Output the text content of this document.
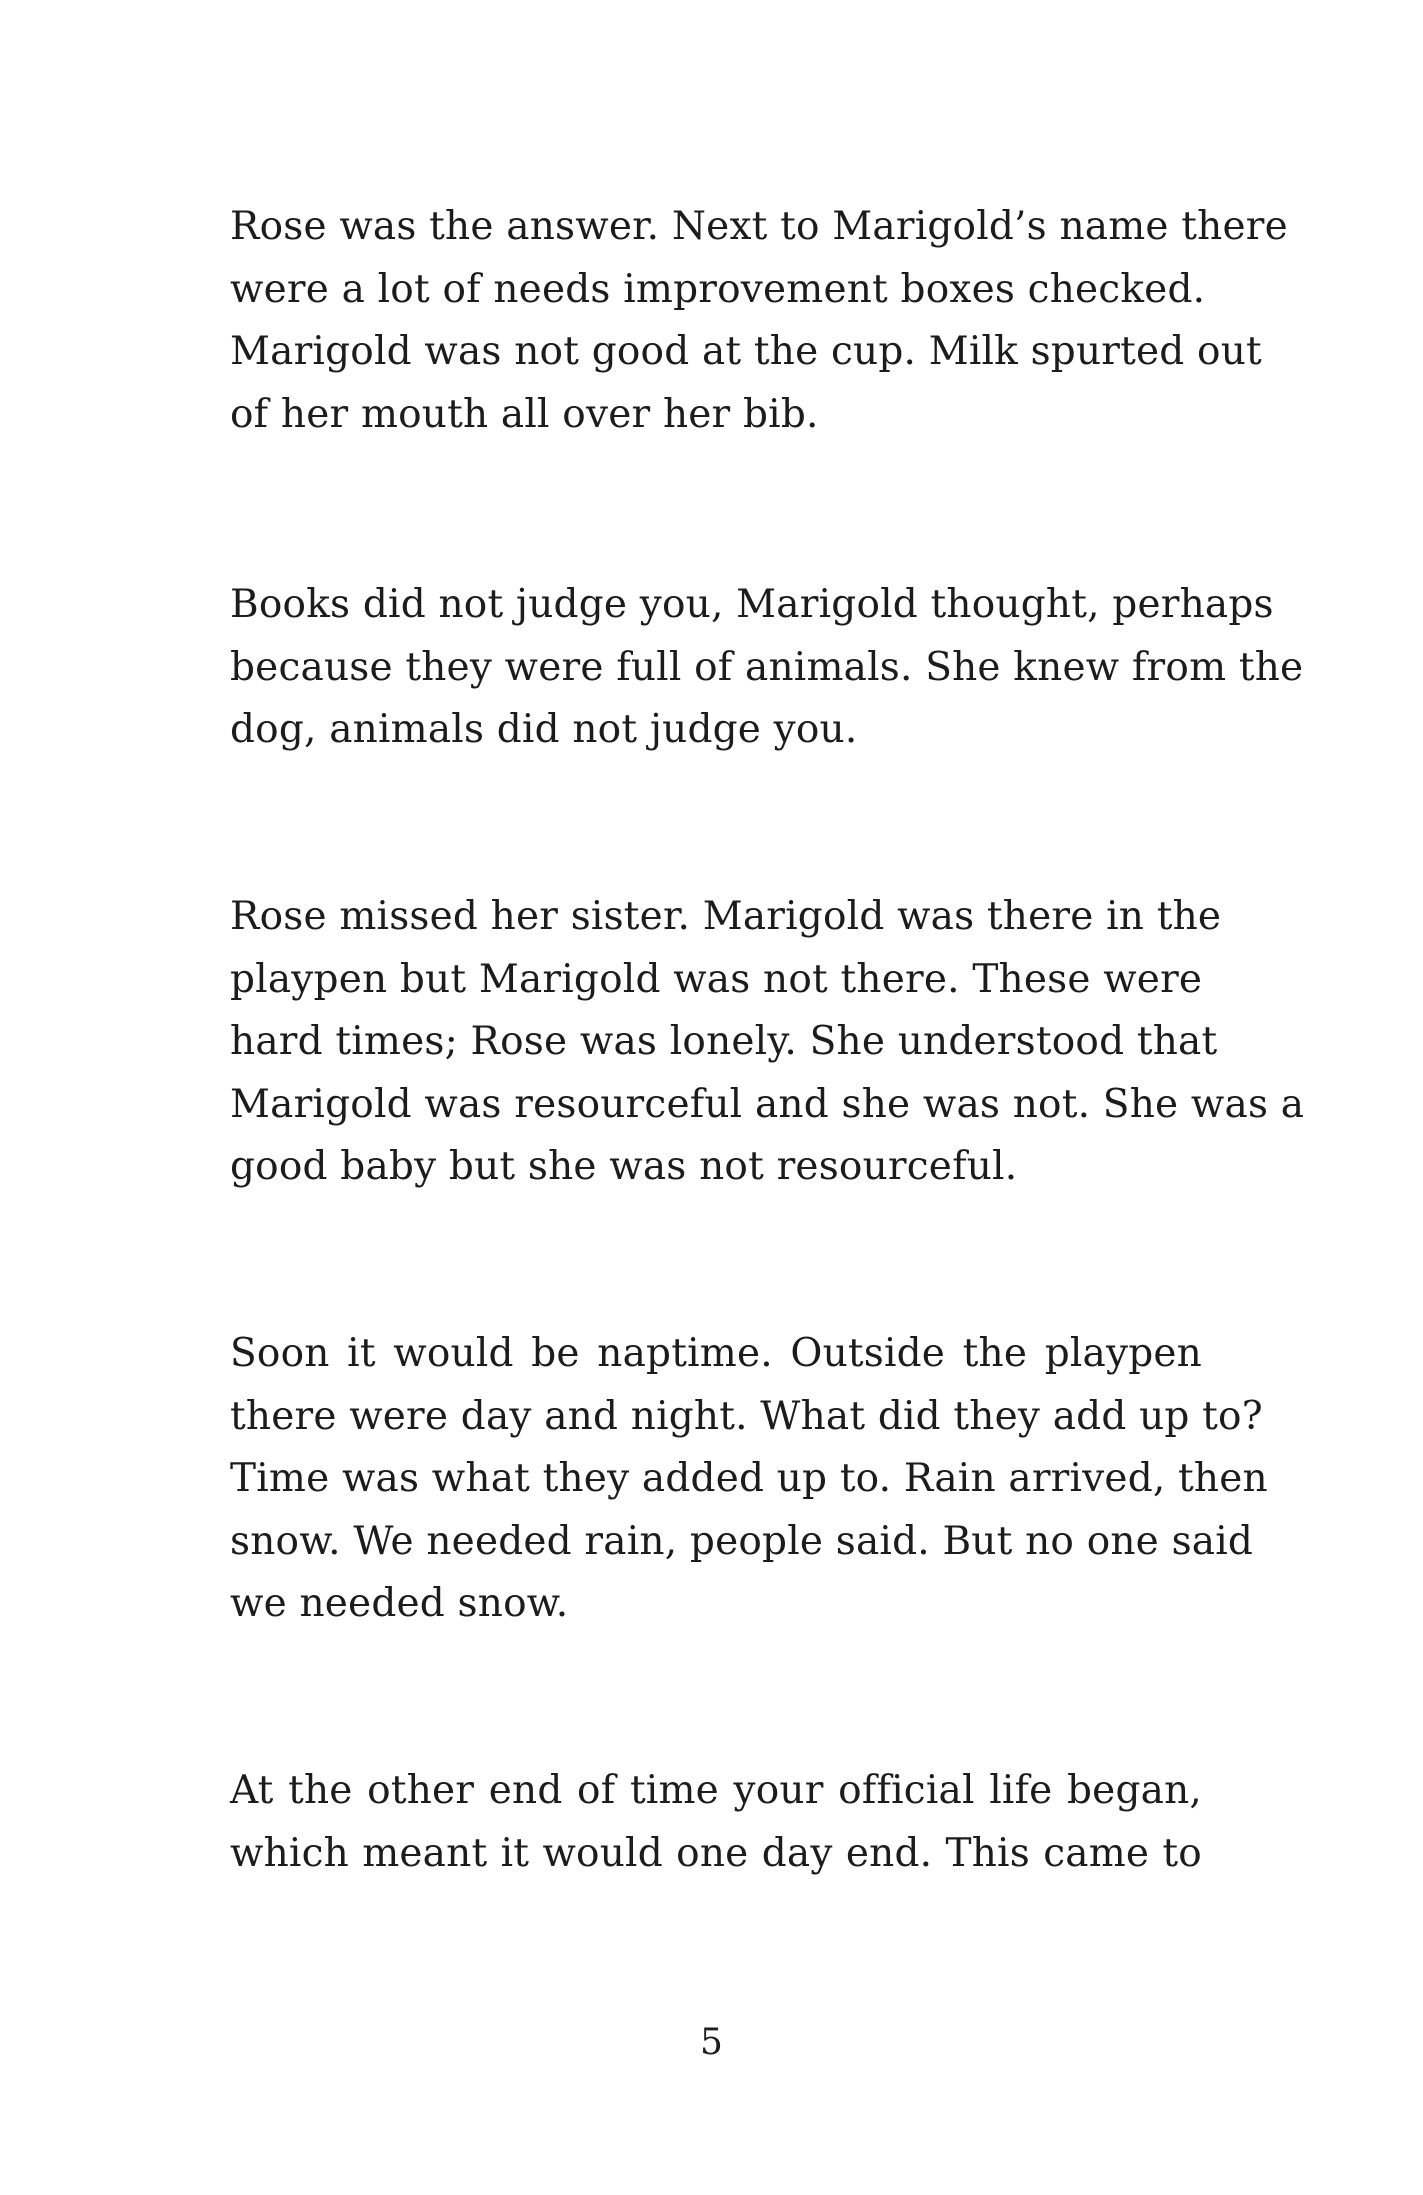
Rose was the answer. Next to Marigold’s name there
were a lot of needs improvement boxes checked.
Marigold was not good at the cup. Milk spurted out
of her mouth all over her bib.

Books did not judge you, Marigold thought, perhaps
because they were full of animals. She knew from the
dog, animals did not judge you.

Rose missed her sister. Marigold was there in the
playpen but Marigold was not there. These were
hard times; Rose was lonely. She understood that
Marigold was resourceful and she was not. She was a
good baby but she was not resourceful.

Soon it would be naptime. Outside the playpen
there were day and night. What did they add up to?
Time was what they added up to. Rain arrived, then
snow. We needed rain, people said. But no one said
we needed snow.

At the other end of time your official life began,
which meant it would one day end. This came to

5
